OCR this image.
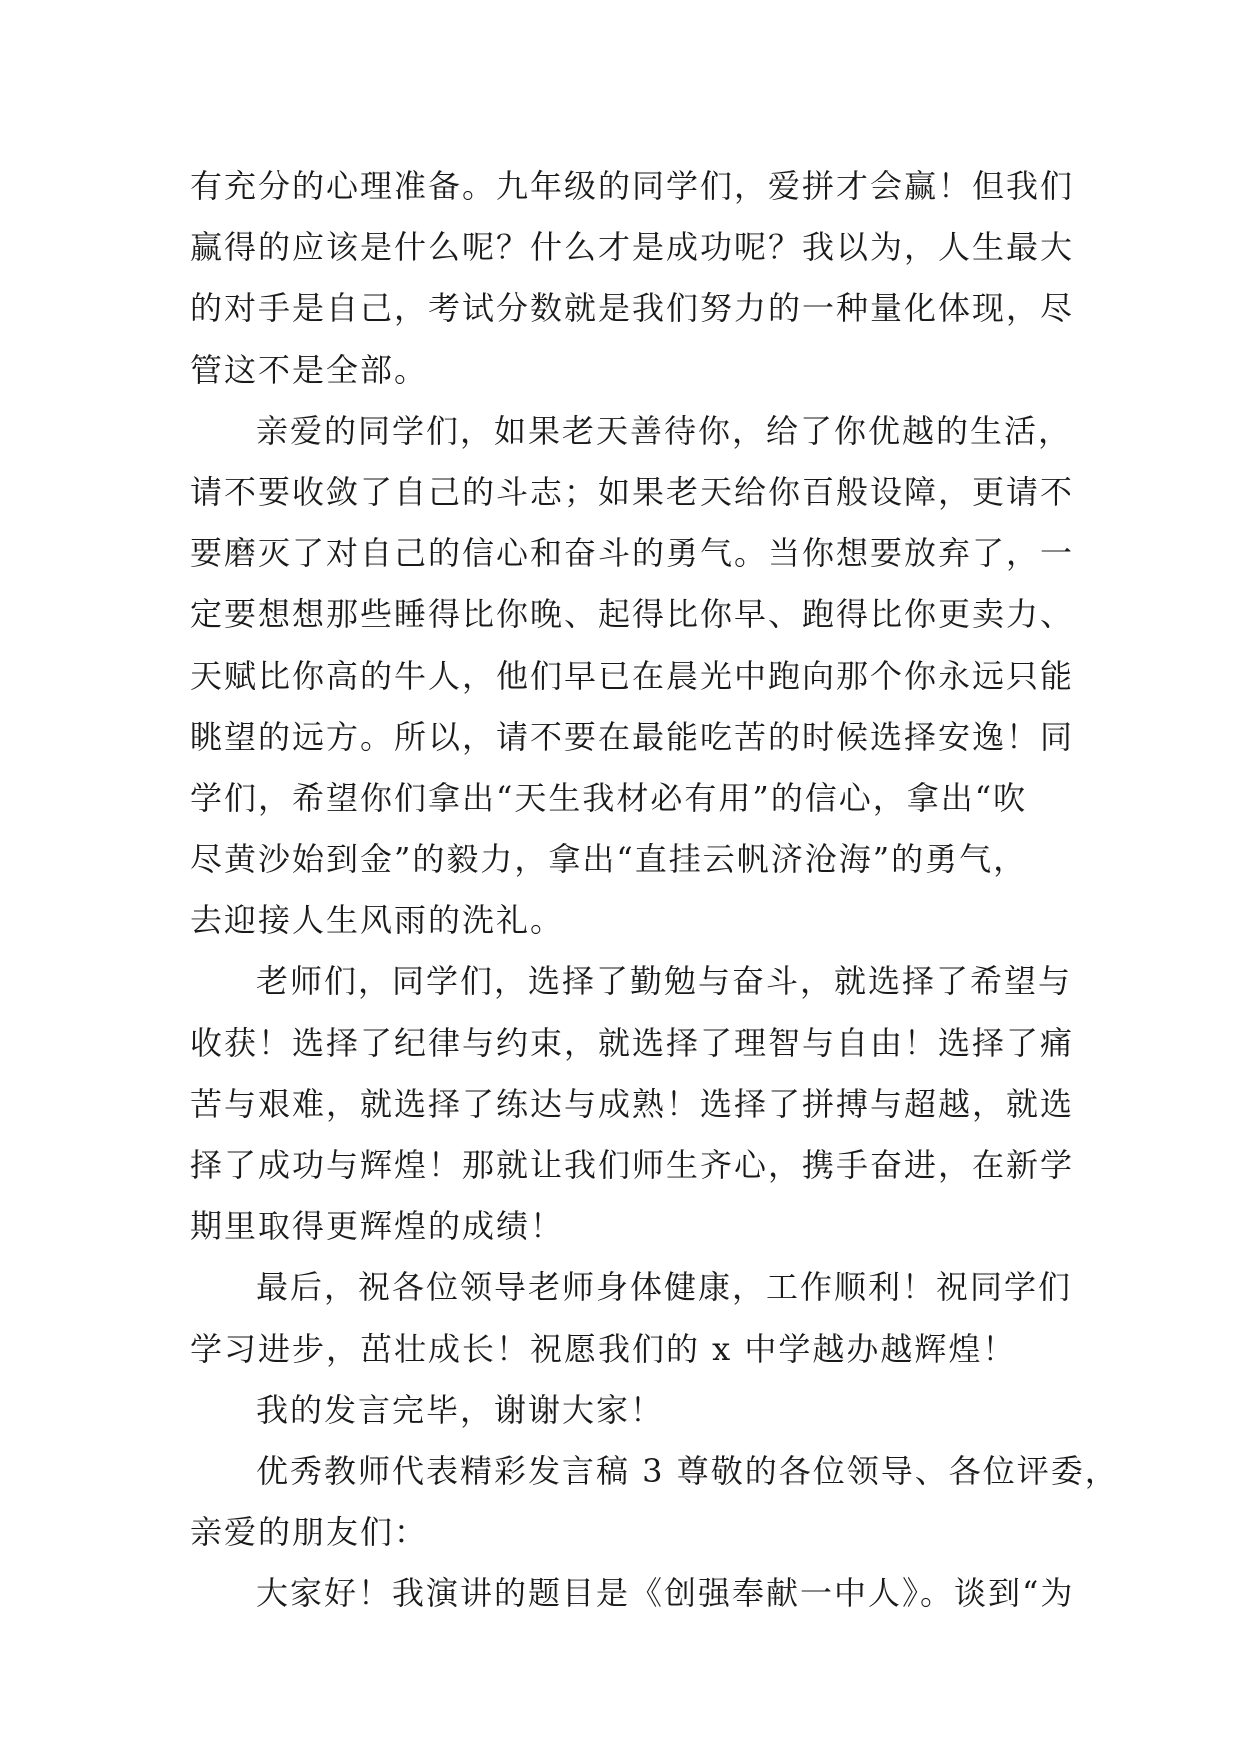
有充分的心理准备。九年级的同学们，爱拼才会赢！但我们
赢得的应该是什么呢？什么才是成功呢？我以为，人生最大
的对手是自己，考试分数就是我们努力的一种量化体现，尽
管这不是全部。
亲爱的同学们，如果老天善待你，给了你优越的生活，
请不要收敛了自己的斗志；如果老天给你百般设障，更请不
要磨灭了对自己的信心和奋斗的勇气。当你想要放弃了，一
定要想想那些睡得比你晚、起得比你早、跑得比你更卖力、
天赋比你高的牛人，他们早已在晨光中跑向那个你永远只能
眺望的远方。所以，请不要在最能吃苦的时候选择安逸！同
学们，希望你们拿出“天生我材必有用”的信心，拿出“吹
尽黄沙始到金”的毅力，拿出“直挂云帆济沧海”的勇气，
去迎接人生风雨的洗礼。
老师们，同学们，选择了勤勉与奋斗，就选择了希望与
收获！选择了纪律与约束，就选择了理智与自由！选择了痛
苦与艰难，就选择了练达与成熟！选择了拼搏与超越，就选
择了成功与辉煌！那就让我们师生齐心，携手奋进，在新学
期里取得更辉煌的成绩！
最后，祝各位领导老师身体健康，工作顺利！祝同学们
学习进步，茁壮成长！祝愿我们的 x 中学越办越辉煌！
我的发言完毕，谢谢大家！
优秀教师代表精彩发言稿 3 尊敬的各位领导、各位评委，
亲爱的朋友们：
大家好！我演讲的题目是《创强奉献一中人》。谈到“为
